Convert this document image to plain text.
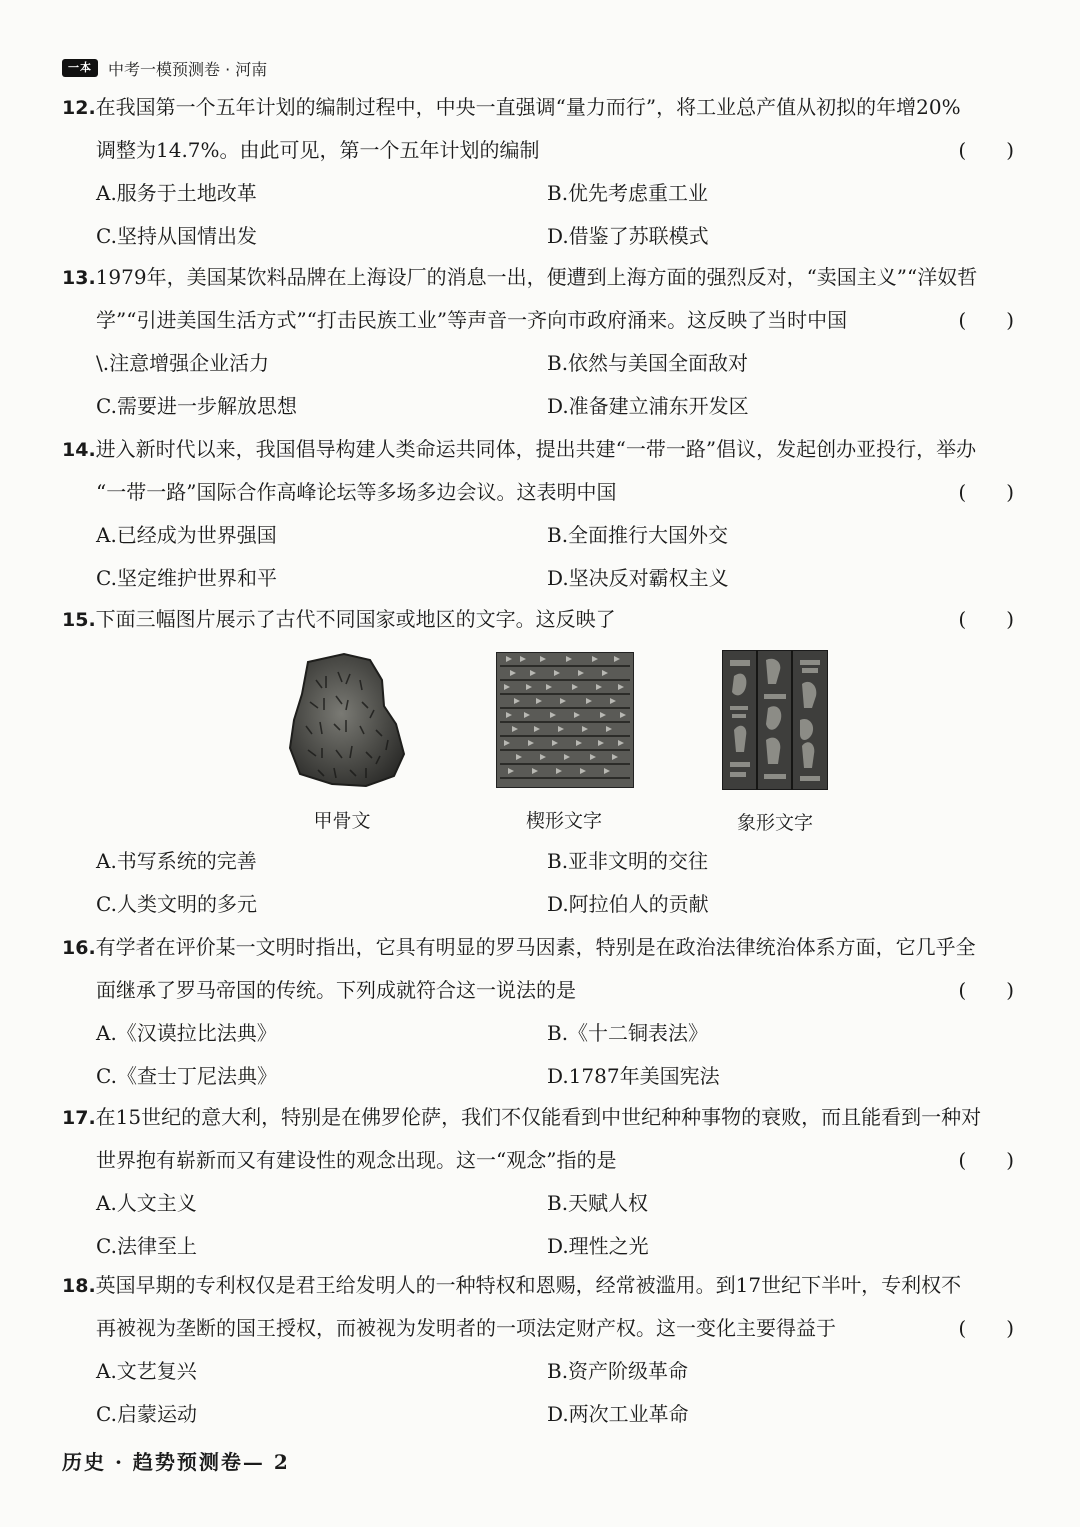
一本	中考一模预测卷 · 河南
12.在我国第一个五年计划的编制过程中，中央一直强调“量力而行”，将工业总产值从初拟的年增20%
调整为14.7%。由此可见，第一个五年计划的编制	(　　)
A.服务于土地改革	B.优先考虑重工业
C.坚持从国情出发	D.借鉴了苏联模式
13.1979年，美国某饮料品牌在上海设厂的消息一出，便遭到上海方面的强烈反对，“卖国主义”“洋奴哲
学”“引进美国生活方式”“打击民族工业”等声音一齐向市政府涌来。这反映了当时中国	(　　)
\.注意增强企业活力	B.依然与美国全面敌对
C.需要进一步解放思想	D.准备建立浦东开发区
14.进入新时代以来，我国倡导构建人类命运共同体，提出共建“一带一路”倡议，发起创办亚投行，举办
“一带一路”国际合作高峰论坛等多场多边会议。这表明中国	(　　)
A.已经成为世界强国	B.全面推行大国外交
C.坚定维护世界和平	D.坚决反对霸权主义
15.下面三幅图片展示了古代不同国家或地区的文字。这反映了	(　　)
甲骨文	楔形文字	象形文字
A.书写系统的完善	B.亚非文明的交往
C.人类文明的多元	D.阿拉伯人的贡献
16.有学者在评价某一文明时指出，它具有明显的罗马因素，特别是在政治法律统治体系方面，它几乎全
面继承了罗马帝国的传统。下列成就符合这一说法的是	(　　)
A.《汉谟拉比法典》	B.《十二铜表法》
C.《查士丁尼法典》	D.1787年美国宪法
17.在15世纪的意大利，特别是在佛罗伦萨，我们不仅能看到中世纪种种事物的衰败，而且能看到一种对
世界抱有崭新而又有建设性的观念出现。这一“观念”指的是	(　　)
A.人文主义	B.天赋人权
C.法律至上	D.理性之光
18.英国早期的专利权仅是君王给发明人的一种特权和恩赐，经常被滥用。到17世纪下半叶，专利权不
再被视为垄断的国王授权，而被视为发明者的一项法定财产权。这一变化主要得益于	(　　)
A.文艺复兴	B.资产阶级革命
C.启蒙运动	D.两次工业革命
历史 · 趋势预测卷— 2
